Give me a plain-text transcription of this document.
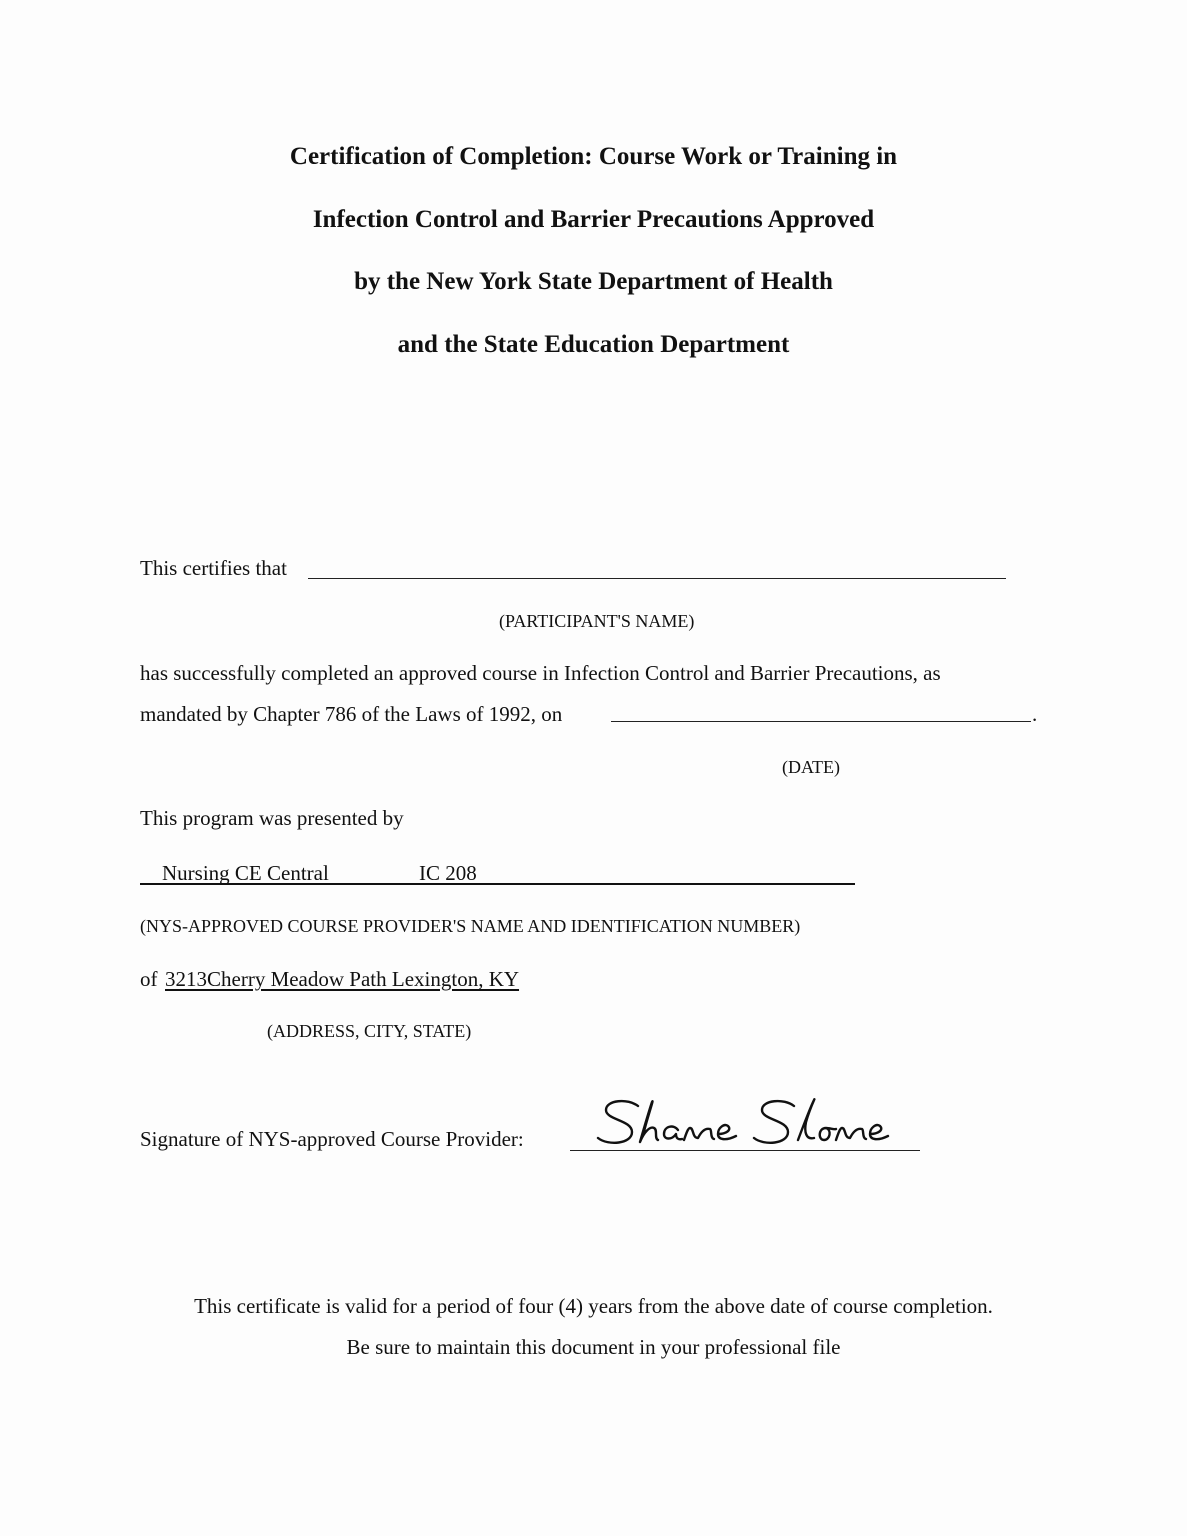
Certification of Completion: Course Work or Training in
Infection Control and Barrier Precautions Approved
by the New York State Department of Health
and the State Education Department
This certifies that
(PARTICIPANT'S NAME)
has successfully completed an approved course in Infection Control and Barrier Precautions, as
mandated by Chapter 786 of the Laws of 1992, on	.
(DATE)
This program was presented by
Nursing CE Central	IC 208
(NYS-APPROVED COURSE PROVIDER'S NAME AND IDENTIFICATION NUMBER)
of 3213Cherry Meadow Path Lexington, KY
(ADDRESS, CITY, STATE)
Signature of NYS-approved Course Provider:
This certificate is valid for a period of four (4) years from the above date of course completion.
Be sure to maintain this document in your professional file
